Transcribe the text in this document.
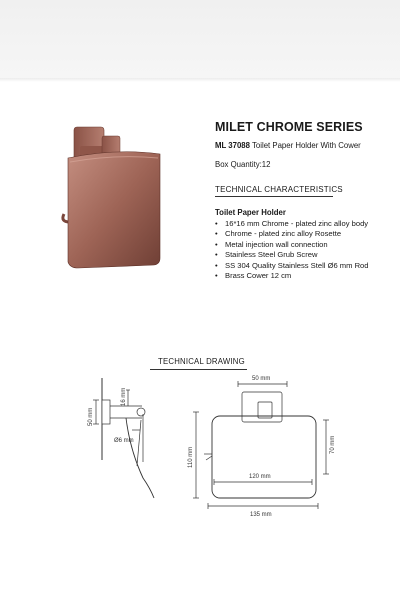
MILET CHROME SERIES
ML 37088 Toilet Paper Holder With Cower
Box Quantity:12
TECHNICAL CHARACTERISTICS
Toilet Paper Holder
• 16*16 mm Chrome - plated zinc alloy body
• Chrome - plated zinc alloy Rosette
• Metal injection wall connection
• Stainless Steel Grub Screw
• SS 304 Quality Stainless Stell Ø6 mm Rod
• Brass Cower 12 cm
TECHNICAL DRAWING
50 mm
16 mm
Ø6 mm
50 mm
110 mm
70 mm
120 mm
135 mm
